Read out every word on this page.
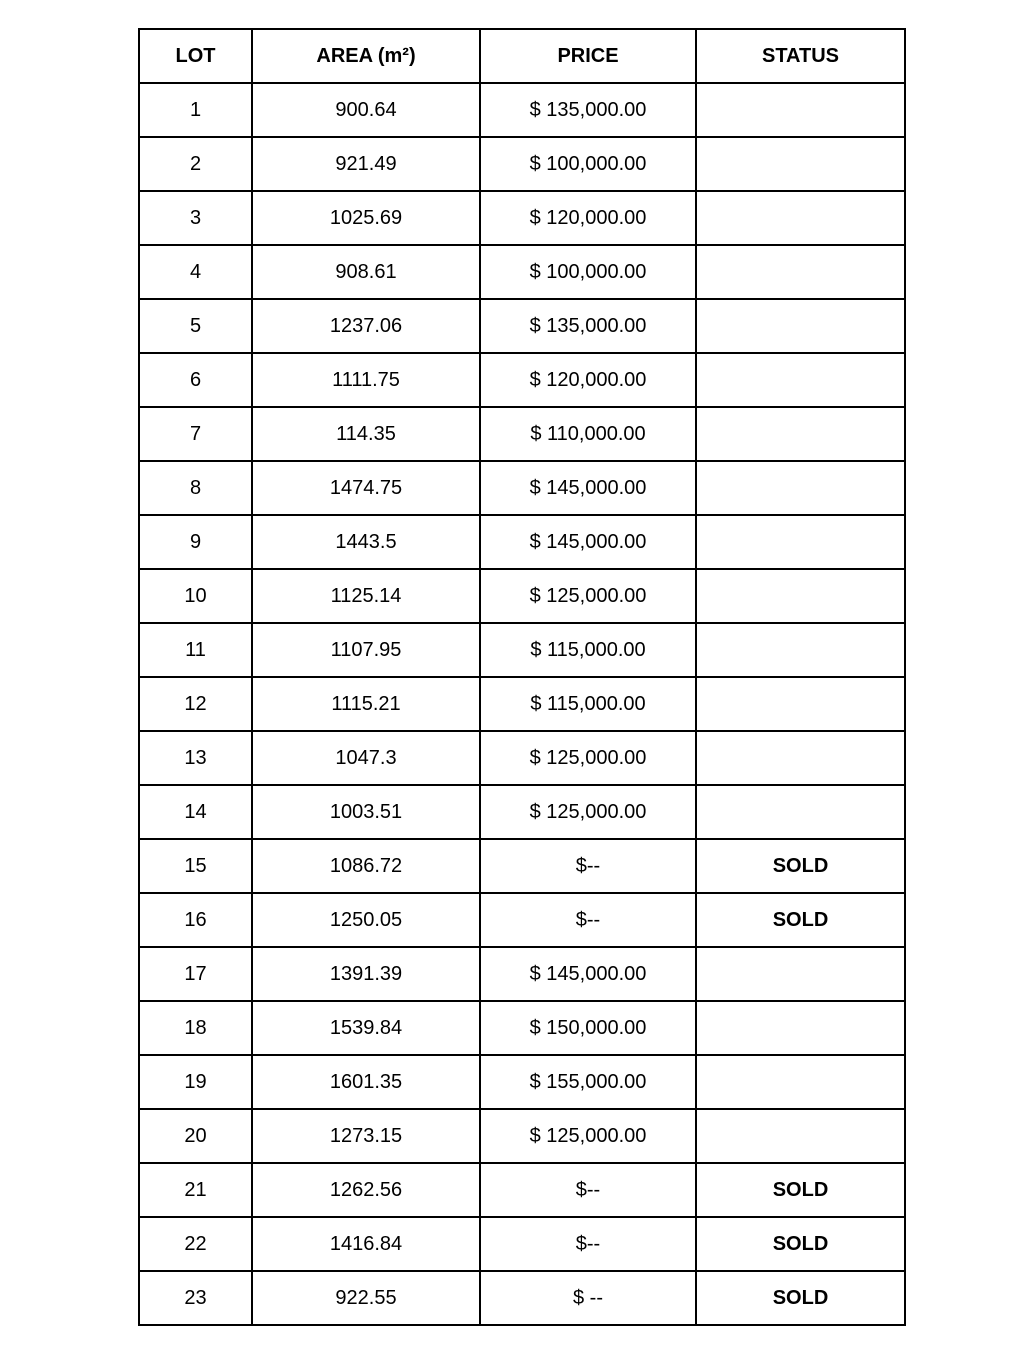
LOT	AREA (m²)	PRICE	STATUS
1	900.64	$ 135,000.00	
2	921.49	$ 100,000.00	
3	1025.69	$ 120,000.00	
4	908.61	$ 100,000.00	
5	1237.06	$ 135,000.00	
6	1111.75	$ 120,000.00	
7	114.35	$ 110,000.00	
8	1474.75	$ 145,000.00	
9	1443.5	$ 145,000.00	
10	1125.14	$ 125,000.00	
11	1107.95	$ 115,000.00	
12	1115.21	$ 115,000.00	
13	1047.3	$ 125,000.00	
14	1003.51	$ 125,000.00	
15	1086.72	$--	SOLD
16	1250.05	$--	SOLD
17	1391.39	$ 145,000.00	
18	1539.84	$ 150,000.00	
19	1601.35	$ 155,000.00	
20	1273.15	$ 125,000.00	
21	1262.56	$--	SOLD
22	1416.84	$--	SOLD
23	922.55	$ --	SOLD
